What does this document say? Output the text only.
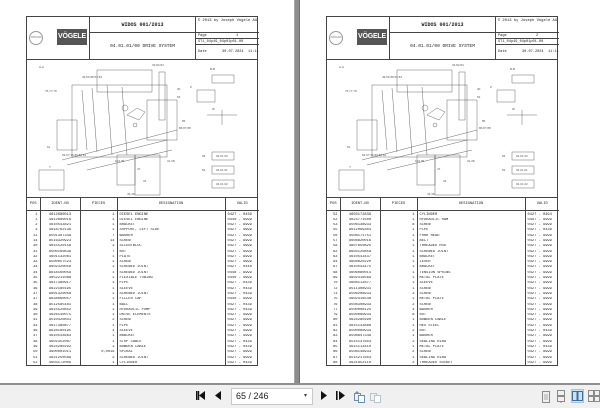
AMMANN VÖGELE
WIDOS 001/2013
04.01.01/00 DRIVE SYSTEM
© 2013 by Joseph Vögele AG
Page	1
ST1_04p49_04p01p01-00
Date	30.07.2024 11:11
A-A
Z
B-B
W
Y
33,82,84
49,50 88 53 84
76,77,79	30
52
85
86,87,88
61
69 67,36 80 85 81
103 35
47
31,38
34
43,46
94
52
04.01.03
04.01.01
04.01.02
POS	IDENT-NO	PIECES	DESIGNATION	VALID
1	4612680013	1	DIESEL ENGINE	0427 - 0439
1	4612680016	1	DIESEL ENGINE	0440 - 9999
2	4610543821	1	BRACKET	0427 - 9999
3	4618762136	1	SUPPORT, LEFT SIDE	0427 - 9999
11	9501307349	7	WASHER	0427 - 9999
14	9516320923	14	SCREW	0427 - 9999
30	4815520159	3	SILENTBLOC	0427 - 9999
31	9500160836	7	NUT	0427 - 9999
32	4601132061	1	PLATE	0427 - 9999
33	9500057523	1	SCREW	0427 - 9999
34	9602320058	1	SCREWED JOINT	0427 - 0448
34	9618160059	1	SCREWED JOINT	0448 - 9999
35	3652211088	1	FLEXIBLE TUBING	0440 - 9999
35	4617380917	1	PIPE	0427 - 0439
36	9622180195	1	SLEEVE	0427 - 0439
37	9601320058	1	SCREWED JOINT	0427 - 0439
37	9638060057	1	FILLER CAP	0440 - 9999
38	9512585481	1	BALL	0427 - 0439
39	4615520852	1	HYDRAULIC PUMP	0427 - 0439
40	4626140075	1	DRIVE ELEMENTS	0427 - 9999
41	9510420831	2	SCREW	0427 - 9999
43	4617380877	1	PIPE	0427 - 9999
46	9628180195	4	SLEEVE	0427 - 9999
47	4610543663	1	BRACKET	0427 - 9999
48	4602352087	1	STOP CABLE	0427 - 0439
49	4624280292	1	BOWDEN CABLE	0427 - 0439
50	3900001011	0,0016	SPIRAL	0427 - 9999
51	4621250589	2	SCREWED JOINT	0427 - 9999
52	4603172009	1	CYLINDER	0427 - 0439
AMMANN VÖGELE
WIDOS 001/2013
04.01.01/00 DRIVE SYSTEM
© 2013 by Joseph Vögele AG
Page	2
ST1_04p49_04p01p01-00
Date	30.07.2024 11:11
A-A
Z
B-B
W
Y
33,82,84
49,50 88 53 84
76,77,79	30
52
85
86,87,88
61
69 67,36 80 85 81
103 35
47
31,38
34
43,46
94
52
04.01.03
04.01.01
04.01.02
POS	IDENT-NO	PIECES	DESIGNATION	VALID
52	4603172839	1	CYLINDER	0427 - 0494
52	4623771500	1	HYDRAULIC RAM	0497 - 9999
53	9506138933	8	SCREW	0427 - 9999
55	9612099304	1	PIPE	0427 - 0439
56	4508171751	1	FORK HEAD	0427 - 9999
57	9608820016	1	BELT	0427 - 9999
58	4607650825	1	THREADED ROD	0427 - 9999
62	9604120858	1	SCREWED JOINT	0427 - 9999
63	4610543437	1	BRACKET	0427 - 9999
64	4608820220	1	LEVER	0427 - 9999
67	4610543475	1	BRACKET	0427 - 9999
68	4606080014	1	TENSION SPRING	0427 - 9999
69	4602416569	1	METAL PLATE	0427 - 9999
70	4608112877	1	SLEEVE	0427 - 9999
72	9511308931	1	SCREW	0427 - 9999
73	9506208933	3	SCREW	0427 - 9999
75	4602416548	1	METAL PLATE	0427 - 9999
76	9508308933	2	SCREW	0427 - 9999
77	9500008125	4	WASHER	0427 - 9999
79	9500080934	8	NUT	0427 - 9999
80	4624280290	1	BOWDEN CABLE	0427 - 9999
81	4615143888	1	HEX STEEL	0427 - 9999
82	9500080934	2	NUT	0427 - 0439
83	9508847349	1	WASHER	0427 - 9999
84	9515137603	2	SEALING RING	0427 - 9999
85	4615113410	1	METAL PLATE	0427 - 0439
86	9508148933	2	SCREW	0427 - 9999
87	9515217603	1	SEALING RING	0427 - 9999
88	4621852110	2	THREADED SOCKET	0427 - 9999
65 / 246	▾
